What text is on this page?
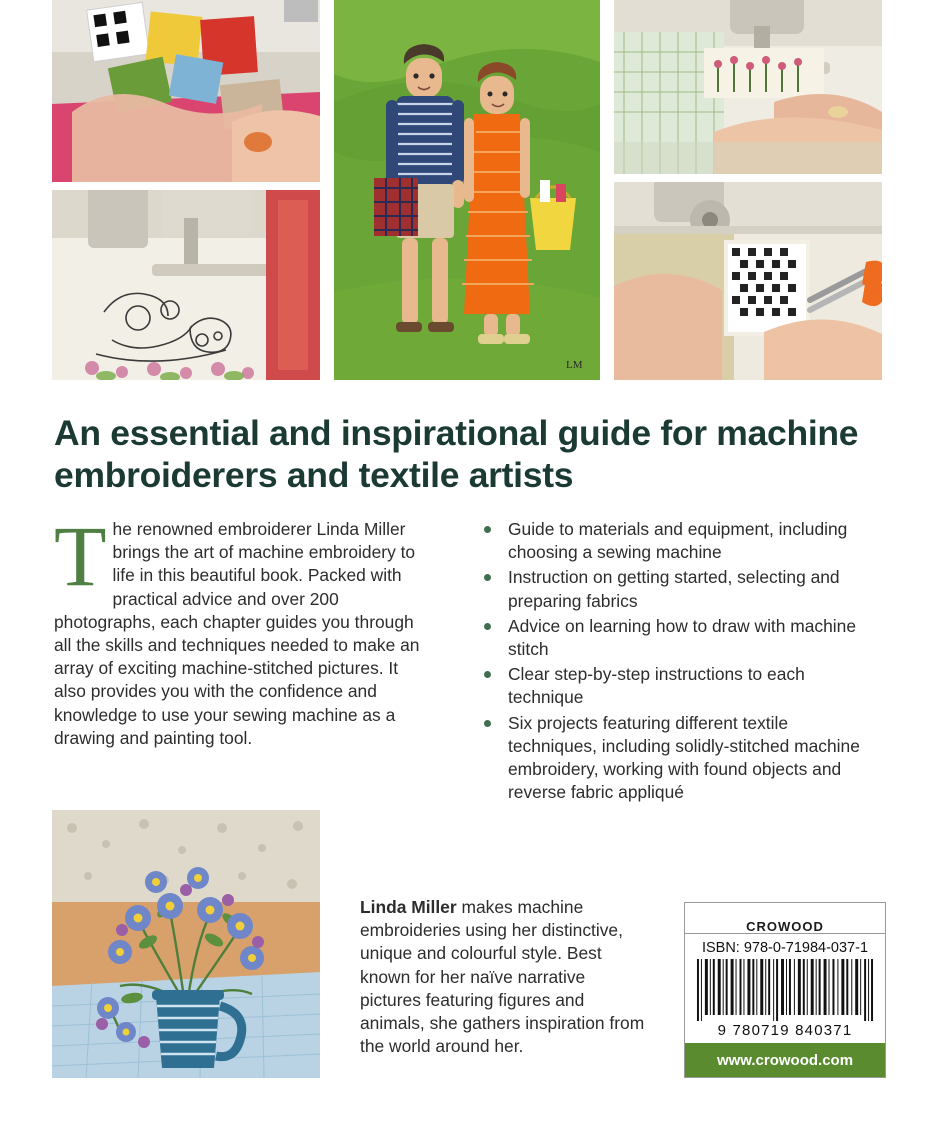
LM
An essential and inspirational guide for machine embroiderers and textile artists
The renowned embroiderer Linda Miller brings the art of machine embroidery to life in this beautiful book. Packed with practical advice and over 200 photographs, each chapter guides you through all the skills and techniques needed to make an array of exciting machine-stitched pictures. It also provides you with the confidence and knowledge to use your sewing machine as a drawing and painting tool.
Guide to materials and equipment, including choosing a sewing machine
Instruction on getting started, selecting and preparing fabrics
Advice on learning how to draw with machine stitch
Clear step-by-step instructions to each technique
Six projects featuring different textile techniques, including solidly-stitched machine embroidery, working with found objects and reverse fabric appliqué
Linda Miller makes machine embroideries using her distinctive, unique and colourful style. Best known for her naïve narrative pictures featuring figures and animals, she gathers inspiration from the world around her.
CROWOOD
ISBN: 978-0-71984-037-1
9 780719 840371
www.crowood.com
